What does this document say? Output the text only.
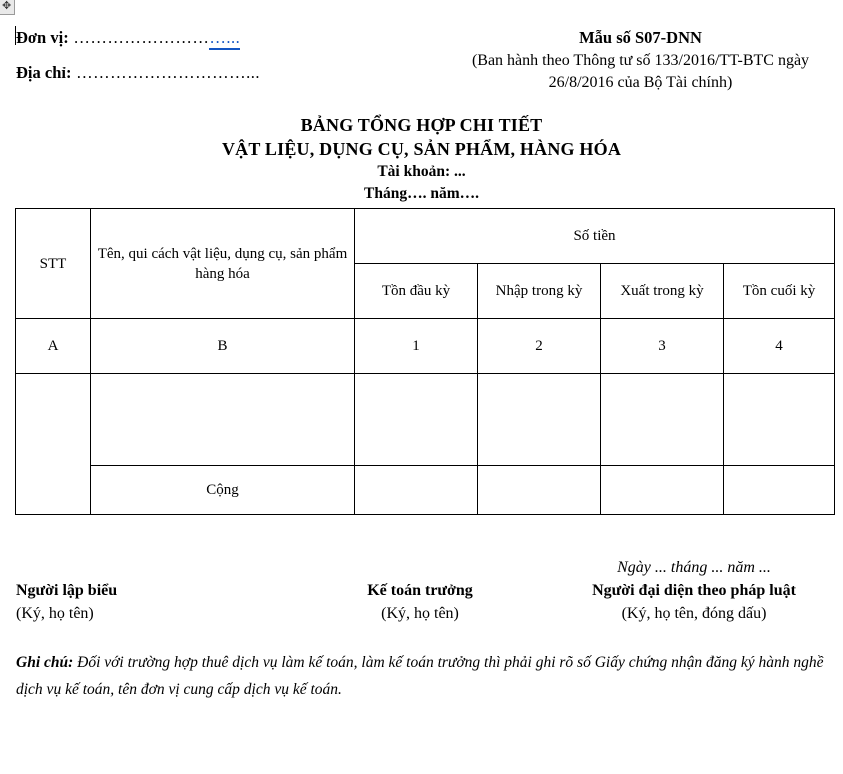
✥
Đơn vị: ………………………...
Địa chỉ: …………………………...
Mẫu số S07-DNN
(Ban hành theo Thông tư số 133/2016/TT-BTC ngày
26/8/2016 của Bộ Tài chính)
BẢNG TỔNG HỢP CHI TIẾT
VẬT LIỆU, DỤNG CỤ, SẢN PHẨM, HÀNG HÓA
Tài khoản: ...
Tháng…. năm….
STT	Tên, qui cách vật liệu, dụng cụ, sản phẩm hàng hóa	Số tiền			
		Tồn đầu kỳ	Nhập trong kỳ	Xuất trong kỳ	Tồn cuối kỳ
A	B	1	2	3	4

	Cộng				
Người lập biểu
(Ký, họ tên)
Kế toán trưởng
(Ký, họ tên)
Ngày ... tháng ... năm ...
Người đại diện theo pháp luật
(Ký, họ tên, đóng dấu)
Ghi chú: Đối với trường hợp thuê dịch vụ làm kế toán, làm kế toán trưởng thì phải ghi rõ số Giấy chứng nhận đăng ký hành nghề dịch vụ kế toán, tên đơn vị cung cấp dịch vụ kế toán.
